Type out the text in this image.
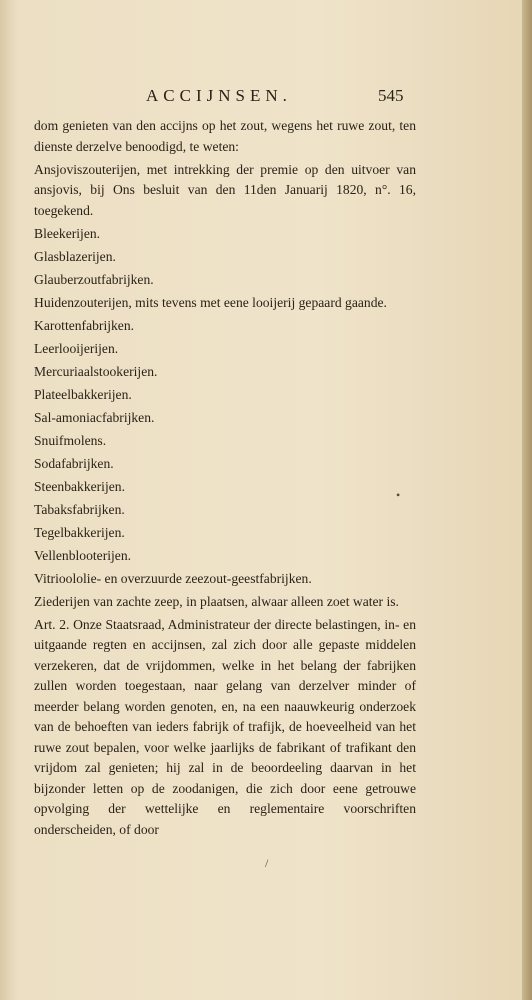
ACCIJNSEN.	545

dom genieten van den accijns op het zout, wegens het ruwe zout, ten dienste derzelve benoodigd, te weten:

Ansjoviszouterijen, met intrekking der premie op den uitvoer van ansjovis, bij Ons besluit van den 11den Januarij 1820, n°. 16, toegekend.

Bleekerijen.

Glasblazerijen.

Glauberzoutfabrijken.

Huidenzouterijen, mits tevens met eene looijerij gepaard gaande.

Karottenfabrijken.

Leerlooijerijen.

Mercuriaalstookerijen.

Plateelbakkerijen.

Sal-amoniacfabrijken.

Snuifmolens.

Sodafabrijken.

Steenbakkerijen.

Tabaksfabrijken.

Tegelbakkerijen.

Vellenblooterijen.

Vitrioololie- en overzuurde zeezout-geestfabrijken.

Ziederijen van zachte zeep, in plaatsen, alwaar alleen zoet water is.

Art. 2. Onze Staatsraad, Administrateur der directe belastingen, in- en uitgaande regten en accijnsen, zal zich door alle gepaste middelen verzekeren, dat de vrijdommen, welke in het belang der fabrijken zullen worden toegestaan, naar gelang van derzelver minder of meerder belang worden genoten, en, na een naauwkeurig onderzoek van de behoeften van ieders fabrijk of trafijk, de hoeveelheid van het ruwe zout bepalen, voor welke jaarlijks de fabrikant of trafikant den vrijdom zal genieten; hij zal in de beoordeeling daarvan in het bijzonder letten op de zoodanigen, die zich door eene getrouwe opvolging der wettelijke en reglementaire voorschriften onderscheiden, of door

•
/
